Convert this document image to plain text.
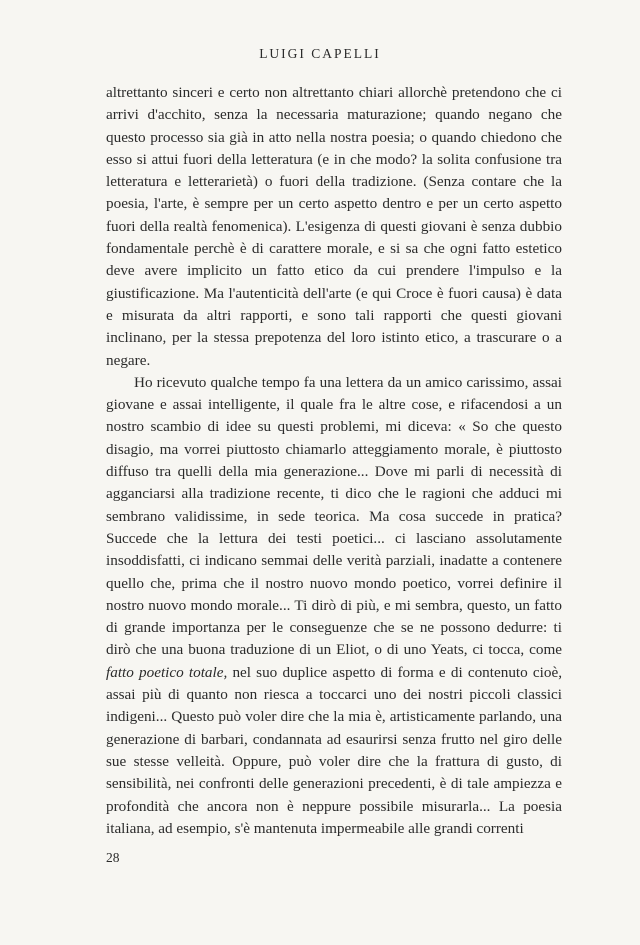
LUIGI CAPELLI

altrettanto sinceri e certo non altrettanto chiari allorchè pretendono che ci arrivi d'acchito, senza la necessaria maturazione; quando negano che questo processo sia già in atto nella nostra poesia; o quando chiedono che esso si attui fuori della letteratura (e in che modo? la solita confusione tra letteratura e letterarietà) o fuori della tradizione. (Senza contare che la poesia, l'arte, è sempre per un certo aspetto dentro e per un certo aspetto fuori della realtà fenomenica). L'esigenza di questi giovani è senza dubbio fondamentale perchè è di carattere morale, e si sa che ogni fatto estetico deve avere implicito un fatto etico da cui prendere l'impulso e la giustificazione. Ma l'autenticità dell'arte (e qui Croce è fuori causa) è data e misurata da altri rapporti, e sono tali rapporti che questi giovani inclinano, per la stessa prepotenza del loro istinto etico, a trascurare o a negare.

Ho ricevuto qualche tempo fa una lettera da un amico carissimo, assai giovane e assai intelligente, il quale fra le altre cose, e rifacendosi a un nostro scambio di idee su questi problemi, mi diceva: « So che questo disagio, ma vorrei piuttosto chiamarlo atteggiamento morale, è piuttosto diffuso tra quelli della mia generazione... Dove mi parli di necessità di agganciarsi alla tradizione recente, ti dico che le ragioni che adduci mi sembrano validissime, in sede teorica. Ma cosa succede in pratica? Succede che la lettura dei testi poetici... ci lasciano assolutamente insoddisfatti, ci indicano semmai delle verità parziali, inadatte a contenere quello che, prima che il nostro nuovo mondo poetico, vorrei definire il nostro nuovo mondo morale... Ti dirò di più, e mi sembra, questo, un fatto di grande importanza per le conseguenze che se ne possono dedurre: ti dirò che una buona traduzione di un Eliot, o di uno Yeats, ci tocca, come fatto poetico totale, nel suo duplice aspetto di forma e di contenuto cioè, assai più di quanto non riesca a toccarci uno dei nostri piccoli classici indigeni... Questo può voler dire che la mia è, artisticamente parlando, una generazione di barbari, condannata ad esaurirsi senza frutto nel giro delle sue stesse velleità. Oppure, può voler dire che la frattura di gusto, di sensibilità, nei confronti delle generazioni precedenti, è di tale ampiezza e profondità che ancora non è neppure possibile misurarla... La poesia italiana, ad esempio, s'è mantenuta impermeabile alle grandi correnti

28
